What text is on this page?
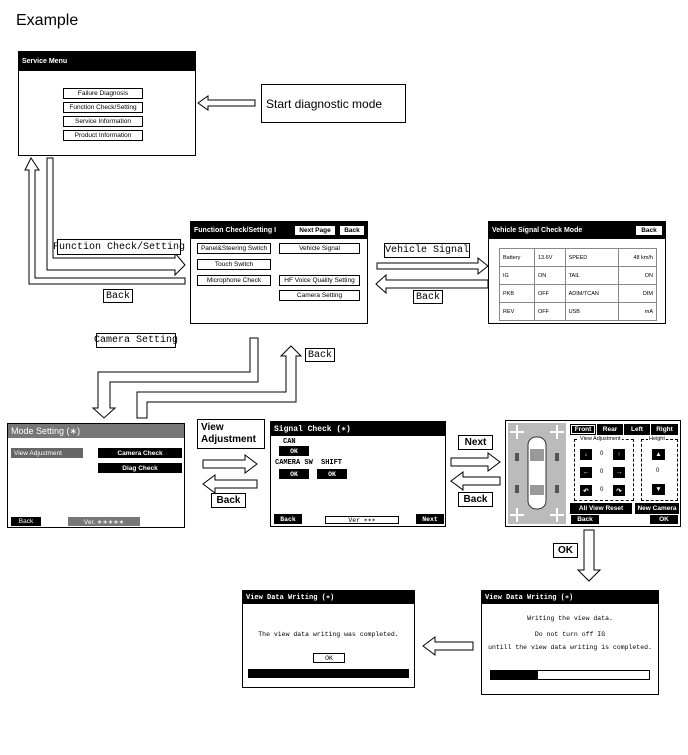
Example
Service Menu
Failure Diagnosis
Function Check/Setting
Service Information
Product Information
Start diagnostic mode
Function Check/Setting
Back
Function Check/Setting I	Next Page	Back
Panel&Steering Switch	Vehicle Signal
Touch Switch
Microphone Check	HF Voice Quality Setting
Camera Setting
Vehicle Signal
Back
Vehicle Signal Check Mode	Back
Battery	13.6V	SPEED	48 km/h
IG	ON	TAIL	ON
PKB	OFF	ADIM/TCAN	DIM
REV	OFF	USB	mA
Camera Setting
Back
Mode Setting (∗)
View Adjustment	Camera Check
Diag Check
Back	Ver. ∗∗∗∗∗
View
Adjustment
Back
Signal Check (∗)
CAN
OK
CAMERA SW SHIFT
OK	OK
Back	Ver ∗∗∗	Next
Next
Back
Front	Rear	Left	Right
View Adjustment
↓	0	↑
←	0	→
↶	0	↷
Height
▲
0
▼
All View Reset	New Camera
Back	OK
OK
View Data Writing (∗)
Writing the view data.
Do not turn off IG
untill the view data writing is completed.
View Data Writing (∗)
The view data writing was completed.
OK
